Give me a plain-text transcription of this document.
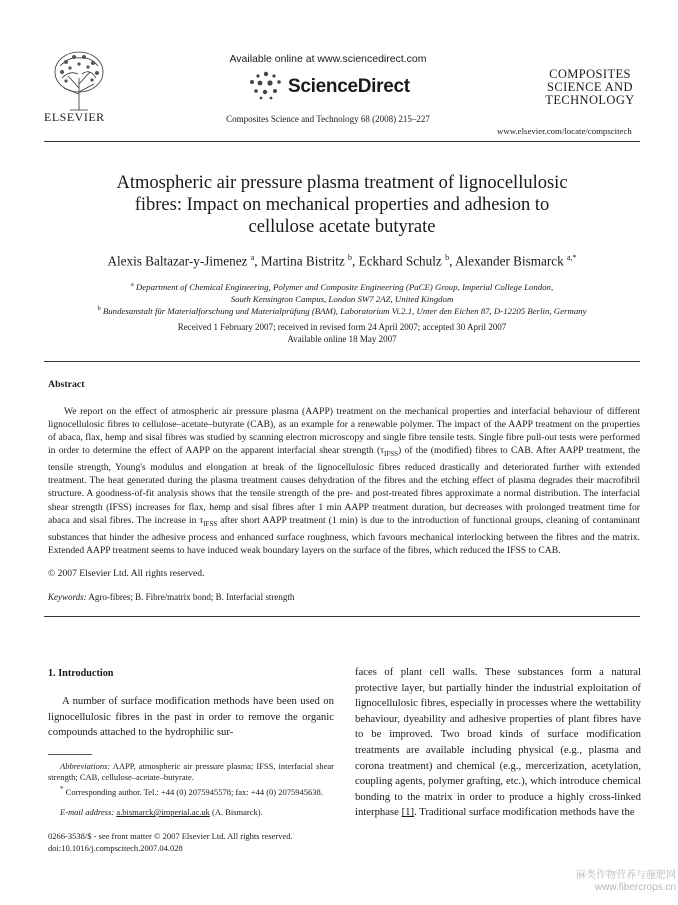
ELSEVIER
Available online at www.sciencedirect.com
ScienceDirect
Composites Science and Technology 68 (2008) 215–227
COMPOSITES
SCIENCE AND
TECHNOLOGY
www.elsevier.com/locate/compscitech
Atmospheric air pressure plasma treatment of lignocellulosic
fibres: Impact on mechanical properties and adhesion to
cellulose acetate butyrate
Alexis Baltazar-y-Jimenez $^a$, Martina Bistritz $^b$, Eckhard Schulz $^b$, Alexander Bismarck $^{a,*}$
$^a$ Department of Chemical Engineering, Polymer and Composite Engineering (PaCE) Group, Imperial College London,
South Kensington Campus, London SW7 2AZ, United Kingdom
$^b$ Bundesanstalt für Materialforschung und Materialprüfung (BAM), Laboratorium Vi.2.1, Unter den Eichen 87, D-12205 Berlin, Germany
Received 1 February 2007; received in revised form 24 April 2007; accepted 30 April 2007
Available online 18 May 2007
Abstract
We report on the effect of atmospheric air pressure plasma (AAPP) treatment on the mechanical properties and interfacial behaviour of different lignocellulosic fibres to cellulose–acetate–butyrate (CAB), as an example for a renewable polymer. The impact of the AAPP treatment on the properties of abaca, flax, hemp and sisal fibres was studied by scanning electron microscopy and single fibre tensile tests. Single fibre pull-out tests were performed in order to determine the effect of AAPP on the apparent interfacial shear strength $(\tau_{IFSS})$ of the (modified) fibres to CAB. After AAPP treatment, the tensile strength, Young's modulus and elongation at break of the lignocellulosic fibres reduced drastically and deteriorated further with extended treatment. The heat generated during the plasma treatment causes dehydration of the fibres and the etching effect of plasma degrades their macrofibril structure. A goodness-of-fit analysis shows that the tensile strength of the pre- and post-treated fibres approximate a normal distribution. The interfacial shear strength (IFSS) increases for flax, hemp and sisal fibres after 1 min AAPP treatment duration, but decreases with prolonged treatment time for abaca and sisal fibres. The increase in $\tau_{IFSS}$ after short AAPP treatment (1 min) is due to the introduction of functional groups, cleaning of contaminant substances that hinder the adhesive process and enhanced surface roughness, which favours mechanical interlocking between the fibres and the matrix. Extended AAPP treatment seems to have induced weak boundary layers on the surface of the fibres, which reduced the IFSS to CAB.
© 2007 Elsevier Ltd. All rights reserved.
Keywords: Agro-fibres; B. Fibre/matrix bond; B. Interfacial strength
1. Introduction
A number of surface modification methods have been used on lignocellulosic fibres in the past in order to remove the organic compounds attached to the hydrophilic sur-
faces of plant cell walls. These substances form a natural protective layer, but partially hinder the industrial exploitation of lignocellulosic fibres, especially in processes where the wettability behaviour, dyeability and adhesive properties of plant fibres have to be improved. Two broad kinds of surface modification treatments are available including physical (e.g., plasma and corona treatment) and chemical (e.g., mercerization, acetylation, coupling agents, polymer grafting, etc.), which introduce chemical bonding to the matrix in order to produce a highly cross-linked interphase [1]. Traditional surface modification methods have the
Abbreviations: AAPP, atmospheric air pressure plasma; IFSS, interfacial shear strength; CAB, cellulose–acetate–butyrate.
* Corresponding author. Tel.: +44 (0) 2075945578; fax: +44 (0) 2075945638.
E-mail address: a.bismarck@imperial.ac.uk (A. Bismarck).
0266-3538/$ - see front matter © 2007 Elsevier Ltd. All rights reserved.
doi:10.1016/j.compscitech.2007.04.028
麻类作物营养与施肥网
www.fibercrops.cn
